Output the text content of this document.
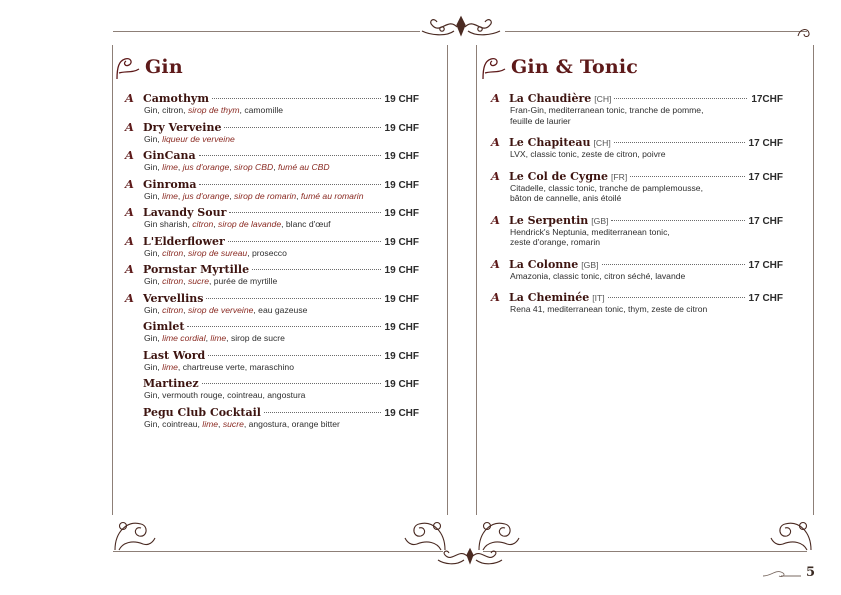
Gin	Gin & Tonic
A Camothym	19 CHF
Gin, citron, sirop de thym, camomille
A Dry Verveine	19 CHF
Gin, liqueur de verveine
A GinCana	19 CHF
Gin, lime, jus d'orange, sirop CBD, fumé au CBD
A Ginroma	19 CHF
Gin, lime, jus d'orange, sirop de romarin, fumé au romarin
A Lavandy Sour	19 CHF
Gin sharish, citron, sirop de lavande, blanc d'œuf
A L'Elderflower	19 CHF
Gin, citron, sirop de sureau, prosecco
A Pornstar Myrtille	19 CHF
Gin, citron, sucre, purée de myrtille
A Vervellins	19 CHF
Gin, citron, sirop de verveine, eau gazeuse
Gimlet	19 CHF
Gin, lime cordial, lime, sirop de sucre
Last Word	19 CHF
Gin, lime, chartreuse verte, maraschino
Martinez	19 CHF
Gin, vermouth rouge, cointreau, angostura
Pegu Club Cocktail	19 CHF
Gin, cointreau, lime, sucre, angostura, orange bitter
A La Chaudière [CH]	17CHF
Fran-Gin, mediterranean tonic, tranche de pomme,
feuille de laurier
A Le Chapiteau [CH]	17 CHF
LVX, classic tonic, zeste de citron, poivre
A Le Col de Cygne [FR]	17 CHF
Citadelle, classic tonic, tranche de pamplemousse,
bâton de cannelle, anis étoilé
A Le Serpentin [GB]	17 CHF
Hendrick's Neptunia, mediterranean tonic,
zeste d'orange, romarin
A La Colonne [GB]	17 CHF
Amazonia, classic tonic, citron séché, lavande
A La Cheminée [IT]	17 CHF
Rena 41, mediterranean tonic, thym, zeste de citron
5
